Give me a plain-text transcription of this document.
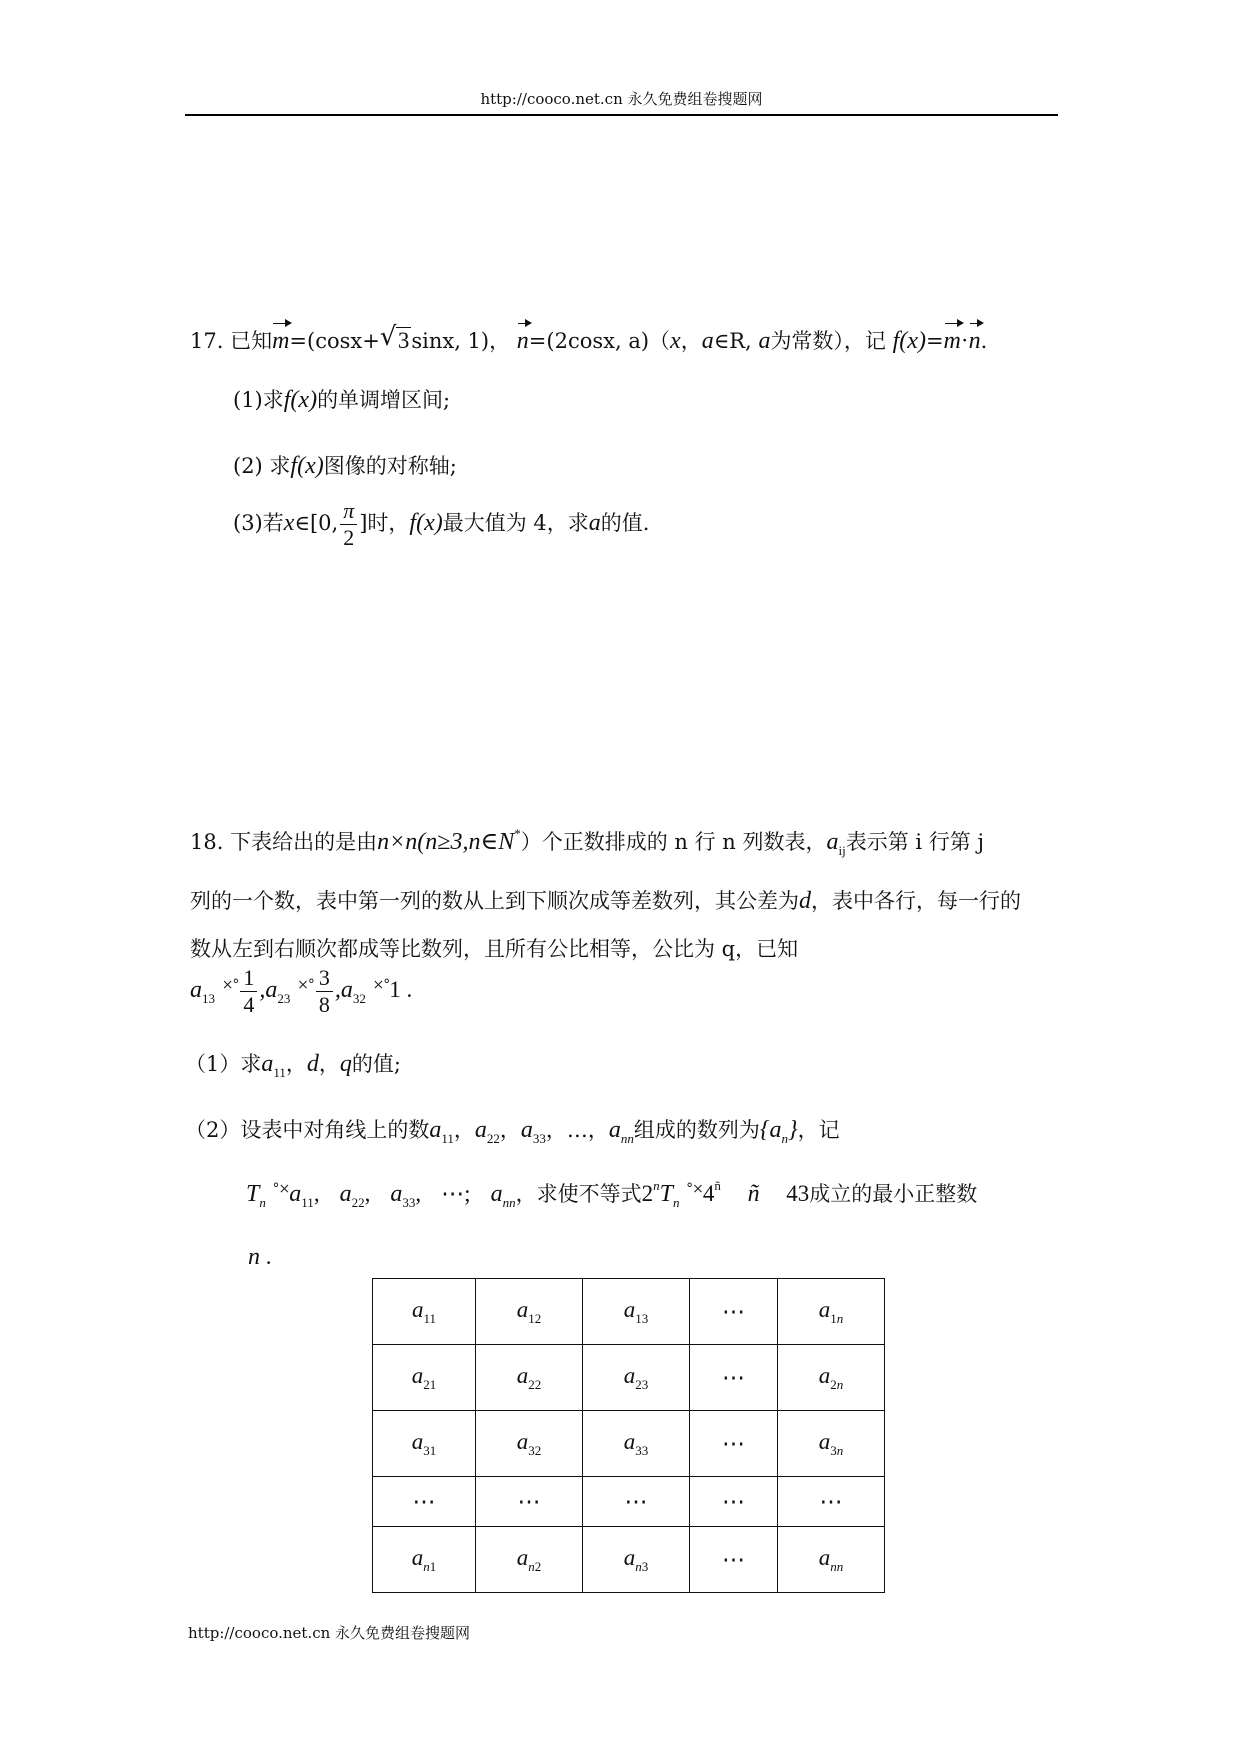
http://cooco.net.cn 永久免费组卷搜题网
17. 已知m=(cosx+ √ 3sinx, 1)， n=(2cosx, a)（x，a∈R, a为常数），记 f(x)=m·n.
(1)求f(x)的单调增区间;
(2) 求f(x)图像的对称轴;
(3)若x∈[0, $\frac{\pi}{2}$ ]时，f(x)最大值为 4，求a的值.
18. 下表给出的是由n×n(n≥3,n∈N*）个正数排成的 n 行 n 列数表，$a_{ij}$表示第 i 行第 j
列的一个数，表中第一列的数从上到下顺次成等差数列，其公差为d，表中各行，每一行的
数从左到右顺次都成等比数列，且所有公比相等，公比为 q，已知
$a_{13}$ $^{\times^\circ} \frac{1}{4} ,a_{23}$ $^{\times^\circ} \frac{3}{8} ,a_{32}$ ×°1 .
（1）求$a_{11}$，d，q的值;
（2）设表中对角线上的数$a_{11}$，$a_{22}$，$a_{33}$，…，$a_{nn}$组成的数列为$\{a_n\}$，记
$T_n$ $^{^\circ\times}a_{11}$, $a_{22}$, $a_{33}$, ⋯; $a_{nn}$，求使不等式$2^nT_n$ $^{^\circ\times}4^ñ$ ñ 43成立的最小正整数
n .
$a_{11}$	$a_{12}$	$a_{13}$	⋯	$a_{1n}$
$a_{21}$	$a_{22}$	$a_{23}$	⋯	$a_{2n}$
$a_{31}$	$a_{32}$	$a_{33}$	⋯	$a_{3n}$
⋯	⋯	⋯	⋯	⋯
$a_{n1}$	$a_{n2}$	$a_{n3}$	⋯	$a_{nn}$
http://cooco.net.cn 永久免费组卷搜题网
